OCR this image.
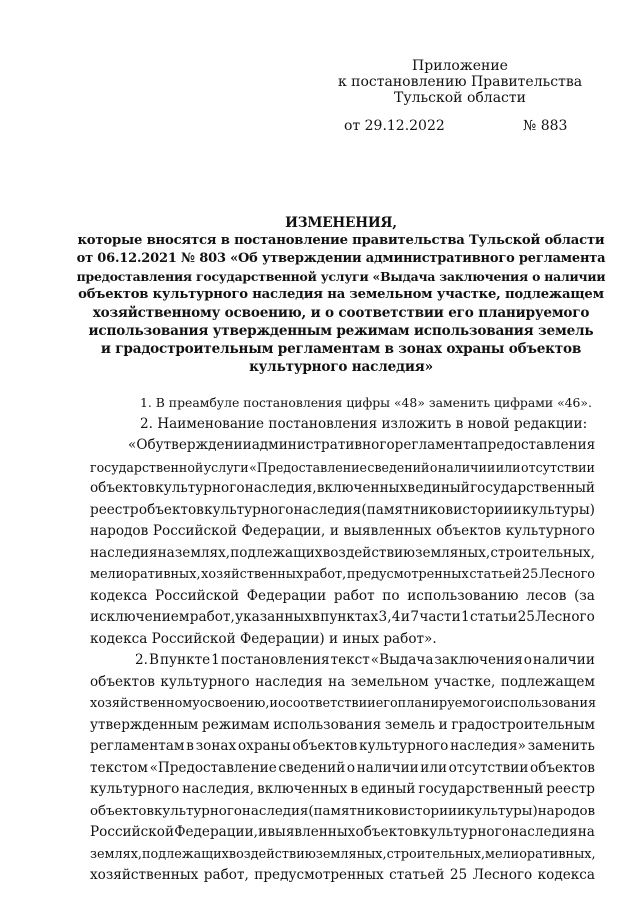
Приложение
к постановлению Правительства
Тульской области
от 29.12.2022	№ 883
ИЗМЕНЕНИЯ,
которые вносятся в постановление правительства Тульской области
от 06.12.2021 № 803 «Об утверждении административного регламента
предоставления государственной услуги «Выдача заключения о наличии
объектов культурного наследия на земельном участке, подлежащем
хозяйственному освоению, и о соответствии его планируемого
использования утвержденным режимам использования земель
и градостроительным регламентам в зонах охраны объектов
культурного наследия»
1. В преамбуле постановления цифры «48» заменить цифрами «46».
2. Наименование постановления изложить в новой редакции:
«Об утверждении административного регламента предоставления
государственной услуги «Предоставление сведений о наличии или отсутствии
объектов культурного наследия, включенных в единый государственный
реестр объектов культурного наследия (памятников истории и культуры)
народов Российской Федерации, и выявленных объектов культурного
наследия на землях, подлежащих воздействию земляных, строительных,
мелиоративных, хозяйственных работ, предусмотренных статьей 25 Лесного
кодекса Российской Федерации работ по использованию лесов (за
исключением работ, указанных в пунктах 3, 4 и 7 части 1 статьи 25 Лесного
кодекса Российской Федерации) и иных работ».
2. В пункте 1 постановления текст «Выдача заключения о наличии
объектов культурного наследия на земельном участке, подлежащем
хозяйственному освоению, и о соответствии его планируемого использования
утвержденным режимам использования земель и градостроительным
регламентам в зонах охраны объектов культурного наследия» заменить
текстом «Предоставление сведений о наличии или отсутствии объектов
культурного наследия, включенных в единый государственный реестр
объектов культурного наследия (памятников истории и культуры) народов
Российской Федерации, и выявленных объектов культурного наследия на
землях, подлежащих воздействию земляных, строительных, мелиоративных,
хозяйственных работ, предусмотренных статьей 25 Лесного кодекса
